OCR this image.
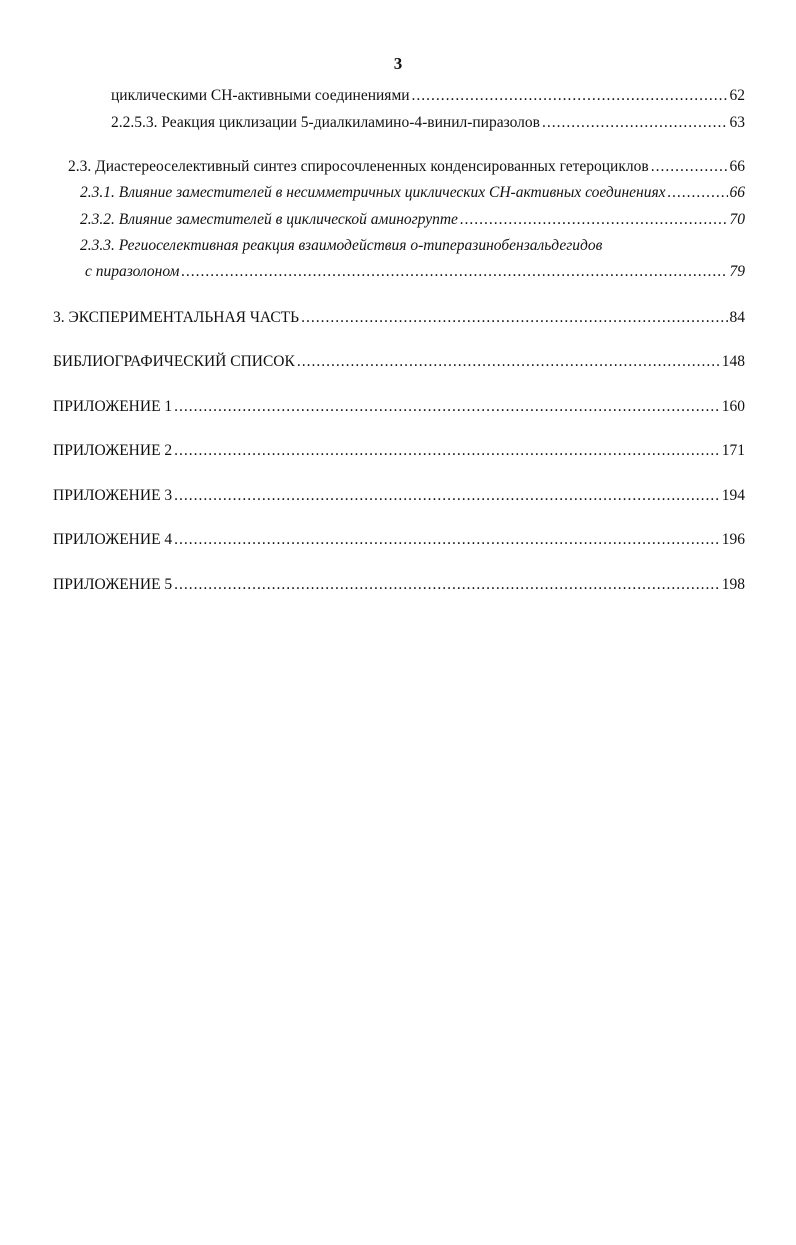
3
циклическими СН-активными соединениями .....	62
2.2.5.3. Реакция циклизации 5-диалкиламино-4-винил-пиразолов .....	63
2.3. Диастереоселективный синтез спиросочлененных конденсированных гетероциклов .....	66
2.3.1. Влияние заместителей в несимметричных циклических СН-активных соединениях .....	66
2.3.2. Влияние заместителей в циклической аминогрупте .....	70
2.3.3. Региоселективная реакция взаимодействия о-типеразинобензальдегидов
с пиразолоном .....	79
3. ЭКСПЕРИМЕНТАЛЬНАЯ ЧАСТЬ .....	84
БИБЛИОГРАФИЧЕСКИЙ СПИСОК .....	148
ПРИЛОЖЕНИЕ 1 .....	160
ПРИЛОЖЕНИЕ 2 .....	171
ПРИЛОЖЕНИЕ 3 .....	194
ПРИЛОЖЕНИЕ 4 .....	196
ПРИЛОЖЕНИЕ 5 .....	198
